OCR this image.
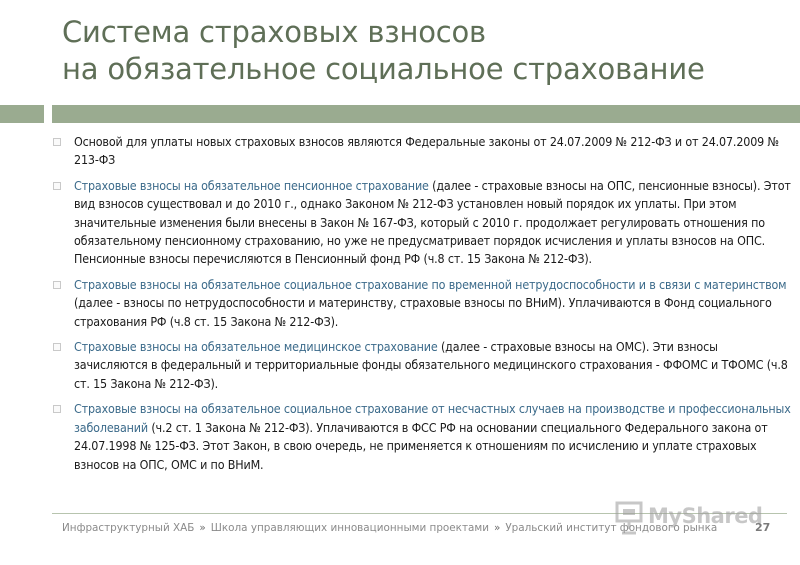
Система страховых взносов
на обязательное социальное страхование
Основой для уплаты новых страховых взносов являются Федеральные законы от 24.07.2009 № 212-ФЗ и от 24.07.2009 № 213-ФЗ
Страховые взносы на обязательное пенсионное страхование (далее - страховые взносы на ОПС, пенсионные взносы). Этот вид взносов существовал и до 2010 г., однако Законом № 212-ФЗ установлен новый порядок их уплаты. При этом значительные изменения были внесены в Закон № 167-ФЗ, который с 2010 г. продолжает регулировать отношения по обязательному пенсионному страхованию, но уже не предусматривает порядок исчисления и уплаты взносов на ОПС. Пенсионные взносы перечисляются в Пенсионный фонд РФ (ч.8 ст. 15 Закона № 212-ФЗ).
Страховые взносы на обязательное социальное страхование по временной нетрудоспособности и в связи с материнством (далее - взносы по нетрудоспособности и материнству, страховые взносы по ВНиМ). Уплачиваются в Фонд социального страхования РФ (ч.8 ст. 15 Закона № 212-ФЗ).
Страховые взносы на обязательное медицинское страхование (далее - страховые взносы на ОМС). Эти взносы зачисляются в федеральный и территориальные фонды обязательного медицинского страхования - ФФОМС и ТФОМС (ч.8 ст. 15 Закона № 212-ФЗ).
Страховые взносы на обязательное социальное страхование от несчастных случаев на производстве и профессиональных заболеваний (ч.2 ст. 1 Закона № 212-ФЗ). Уплачиваются в ФСС РФ на основании специального Федерального закона от 24.07.1998 № 125-ФЗ. Этот Закон, в свою очередь, не применяется к отношениям по исчислению и уплате страховых взносов на ОПС, ОМС и по ВНиМ.
Инфраструктурный ХАБ » Школа управляющих инновационными проектами » Уральский институт фондового рынка	27
MyShared
